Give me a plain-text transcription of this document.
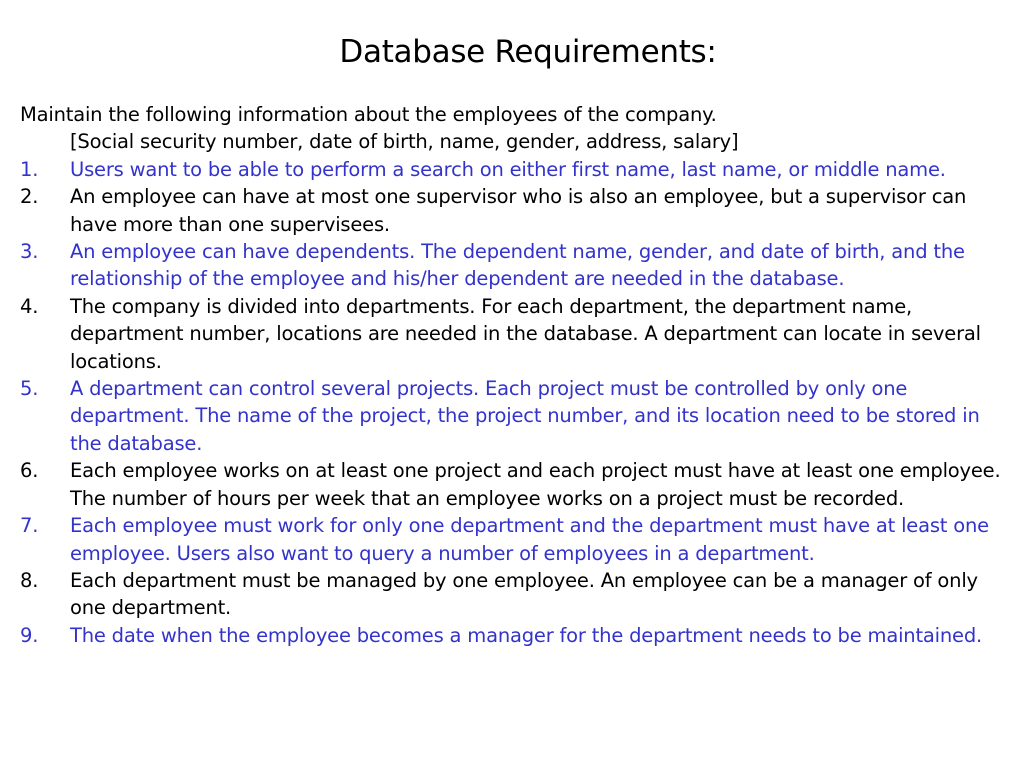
Database Requirements:

Maintain the following information about the employees of the company.

[Social security number, date of birth, name, gender, address, salary]

1. Users want to be able to perform a search on either first name, last name, or middle name.
2. An employee can have at most one supervisor who is also an employee, but a supervisor can have more than one supervisees.
3. An employee can have dependents. The dependent name, gender, and date of birth, and the relationship of the employee and his/her dependent are needed in the database.
4. The company is divided into departments. For each department, the department name, department number, locations are needed in the database. A department can locate in several locations.
5. A department can control several projects. Each project must be controlled by only one department. The name of the project, the project number, and its location need to be stored in the database.
6. Each employee works on at least one project and each project must have at least one employee. The number of hours per week that an employee works on a project must be recorded.
7. Each employee must work for only one department and the department must have at least one employee. Users also want to query a number of employees in a department.
8. Each department must be managed by one employee. An employee can be a manager of only one department.
9. The date when the employee becomes a manager for the department needs to be maintained.
